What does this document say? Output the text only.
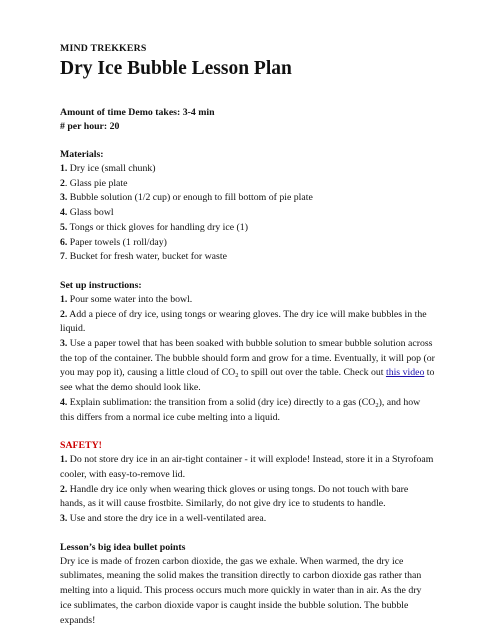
MIND TREKKERS

Dry Ice Bubble Lesson Plan

Amount of time Demo takes: 3-4 min

# per hour: 20

Materials:

1. Dry ice (small chunk)

2. Glass pie plate

3. Bubble solution (1/2 cup) or enough to fill bottom of pie plate

4. Glass bowl

5. Tongs or thick gloves for handling dry ice (1)

6. Paper towels (1 roll/day)

7. Bucket for fresh water, bucket for waste

Set up instructions:

1. Pour some water into the bowl.

2. Add a piece of dry ice, using tongs or wearing gloves. The dry ice will make bubbles in the liquid.

3. Use a paper towel that has been soaked with bubble solution to smear bubble solution across the top of the container. The bubble should form and grow for a time. Eventually, it will pop (or you may pop it), causing a little cloud of $CO_2$ to spill out over the table. Check out this video to see what the demo should look like.

4. Explain sublimation: the transition from a solid (dry ice) directly to a gas $(CO_2)$, and how this differs from a normal ice cube melting into a liquid.

SAFETY!

1. Do not store dry ice in an air-tight container - it will explode! Instead, store it in a Styrofoam cooler, with easy-to-remove lid.

2. Handle dry ice only when wearing thick gloves or using tongs. Do not touch with bare hands, as it will cause frostbite. Similarly, do not give dry ice to students to handle.

3. Use and store the dry ice in a well-ventilated area.

Lesson’s big idea bullet points

Dry ice is made of frozen carbon dioxide, the gas we exhale. When warmed, the dry ice sublimates, meaning the solid makes the transition directly to carbon dioxide gas rather than melting into a liquid. This process occurs much more quickly in water than in air. As the dry ice sublimates, the carbon dioxide vapor is caught inside the bubble solution. The bubble expands!
